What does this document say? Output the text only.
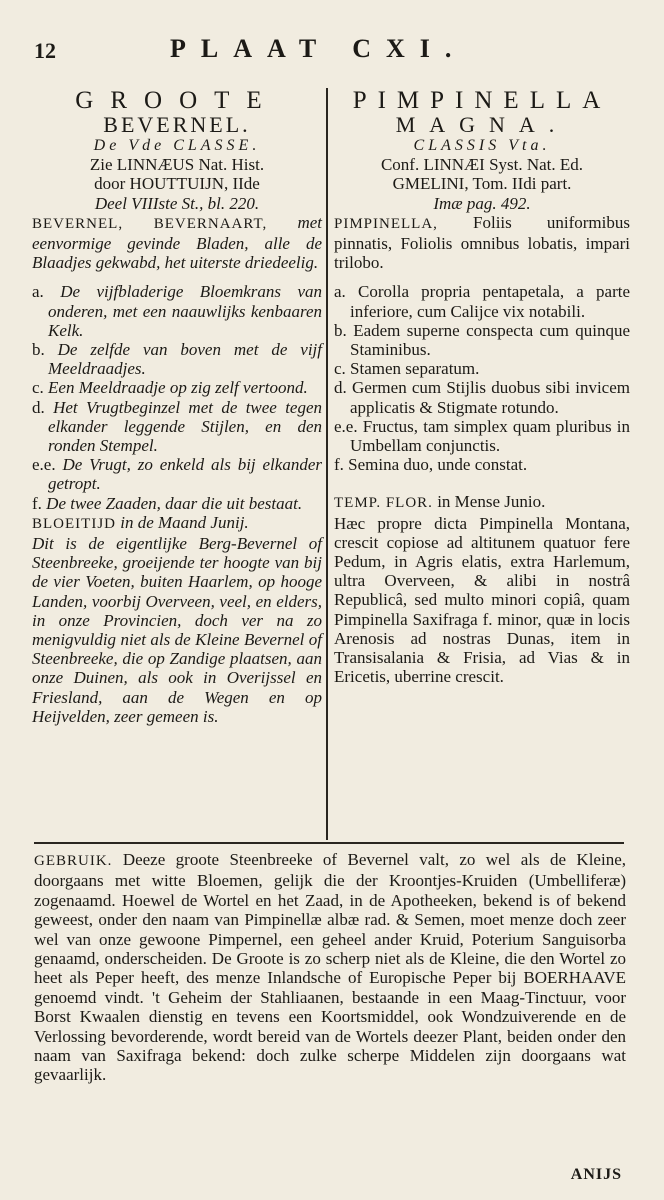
12	PLAAT CXI.
GROOTE
BEVERNEL.
De Vde CLASSE.
Zie LINNÆUS Nat. Hist.
door HOUTTUIJN, IIde
Deel VIIIste St., bl. 220.
BEVERNEL, BEVERNAART, met eenvormige gevinde Bladen, alle de Blaadjes gekwabd, het uiterste driedeelig.
a. De vijfbladerige Bloemkrans van onderen, met een naauwlijks kenbaaren Kelk.
b. De zelfde van boven met de vijf Meeldraadjes.
c. Een Meeldraadje op zig zelf vertoond.
d. Het Vrugtbeginzel met de twee tegen elkander leggende Stijlen, en den ronden Stempel.
e.e. De Vrugt, zo enkeld als bij elkander getropt.
f. De twee Zaaden, daar die uit bestaat.
BLOEITIJD in de Maand Junij.
Dit is de eigentlijke Berg-Bevernel of Steenbreeke, groeijende ter hoogte van bij de vier Voeten, buiten Haarlem, op hooge Landen, voorbij Overveen, veel, en elders, in onze Provincien, doch ver na zo menigvuldig niet als de Kleine Bevernel of Steenbreeke, die op Zandige plaatsen, aan onze Duinen, als ook in Overijssel en Friesland, aan de Wegen en op Heijvelden, zeer gemeen is.
PIMPINELLA
MAGNA.
CLASSIS Vta.
Conf. LINNÆI Syst. Nat. Ed.
GMELINI, Tom. IIdi part.
Imæ pag. 492.
PIMPINELLA, Foliis uniformibus pinnatis, Foliolis omnibus lobatis, impari trilobo.
a. Corolla propria pentapetala, a parte inferiore, cum Calijce vix notabili.
b. Eadem superne conspecta cum quinque Staminibus.
c. Stamen separatum.
d. Germen cum Stijlis duobus sibi invicem applicatis & Stigmate rotundo.
e.e. Fructus, tam simplex quam pluribus in Umbellam conjunctis.
f. Semina duo, unde constat.
TEMP. FLOR. in Mense Junio.
Hæc propre dicta Pimpinella Montana, crescit copiose ad altitunem quatuor fere Pedum, in Agris elatis, extra Harlemum, ultra Overveen, & alibi in nostrâ Republicâ, sed multo minori copiâ, quam Pimpinella Saxifraga f. minor, quæ in locis Arenosis ad nostras Dunas, item in Transisalania & Frisia, ad Vias & in Ericetis, uberrine crescit.
GEBRUIK. Deeze groote Steenbreeke of Bevernel valt, zo wel als de Kleine, doorgaans met witte Bloemen, gelijk die der Kroontjes-Kruiden (Umbelliferæ) zogenaamd. Hoewel de Wortel en het Zaad, in de Apotheeken, bekend is of bekend geweest, onder den naam van Pimpinellæ albæ rad. & Semen, moet menze doch zeer wel van onze gewoone Pimpernel, een geheel ander Kruid, Poterium Sanguisorba genaamd, onderscheiden. De Groote is zo scherp niet als de Kleine, die den Wortel zo heet als Peper heeft, des menze Inlandsche of Europische Peper bij BOERHAAVE genoemd vindt. 't Geheim der Stahliaanen, bestaande in een Maag-Tinctuur, voor Borst Kwaalen dienstig en tevens een Koortsmiddel, ook Wondzuiverende en de Verlossing bevorderende, wordt bereid van de Wortels deezer Plant, beiden onder den naam van Saxifraga bekend: doch zulke scherpe Middelen zijn doorgaans wat gevaarlijk.
ANIJS
